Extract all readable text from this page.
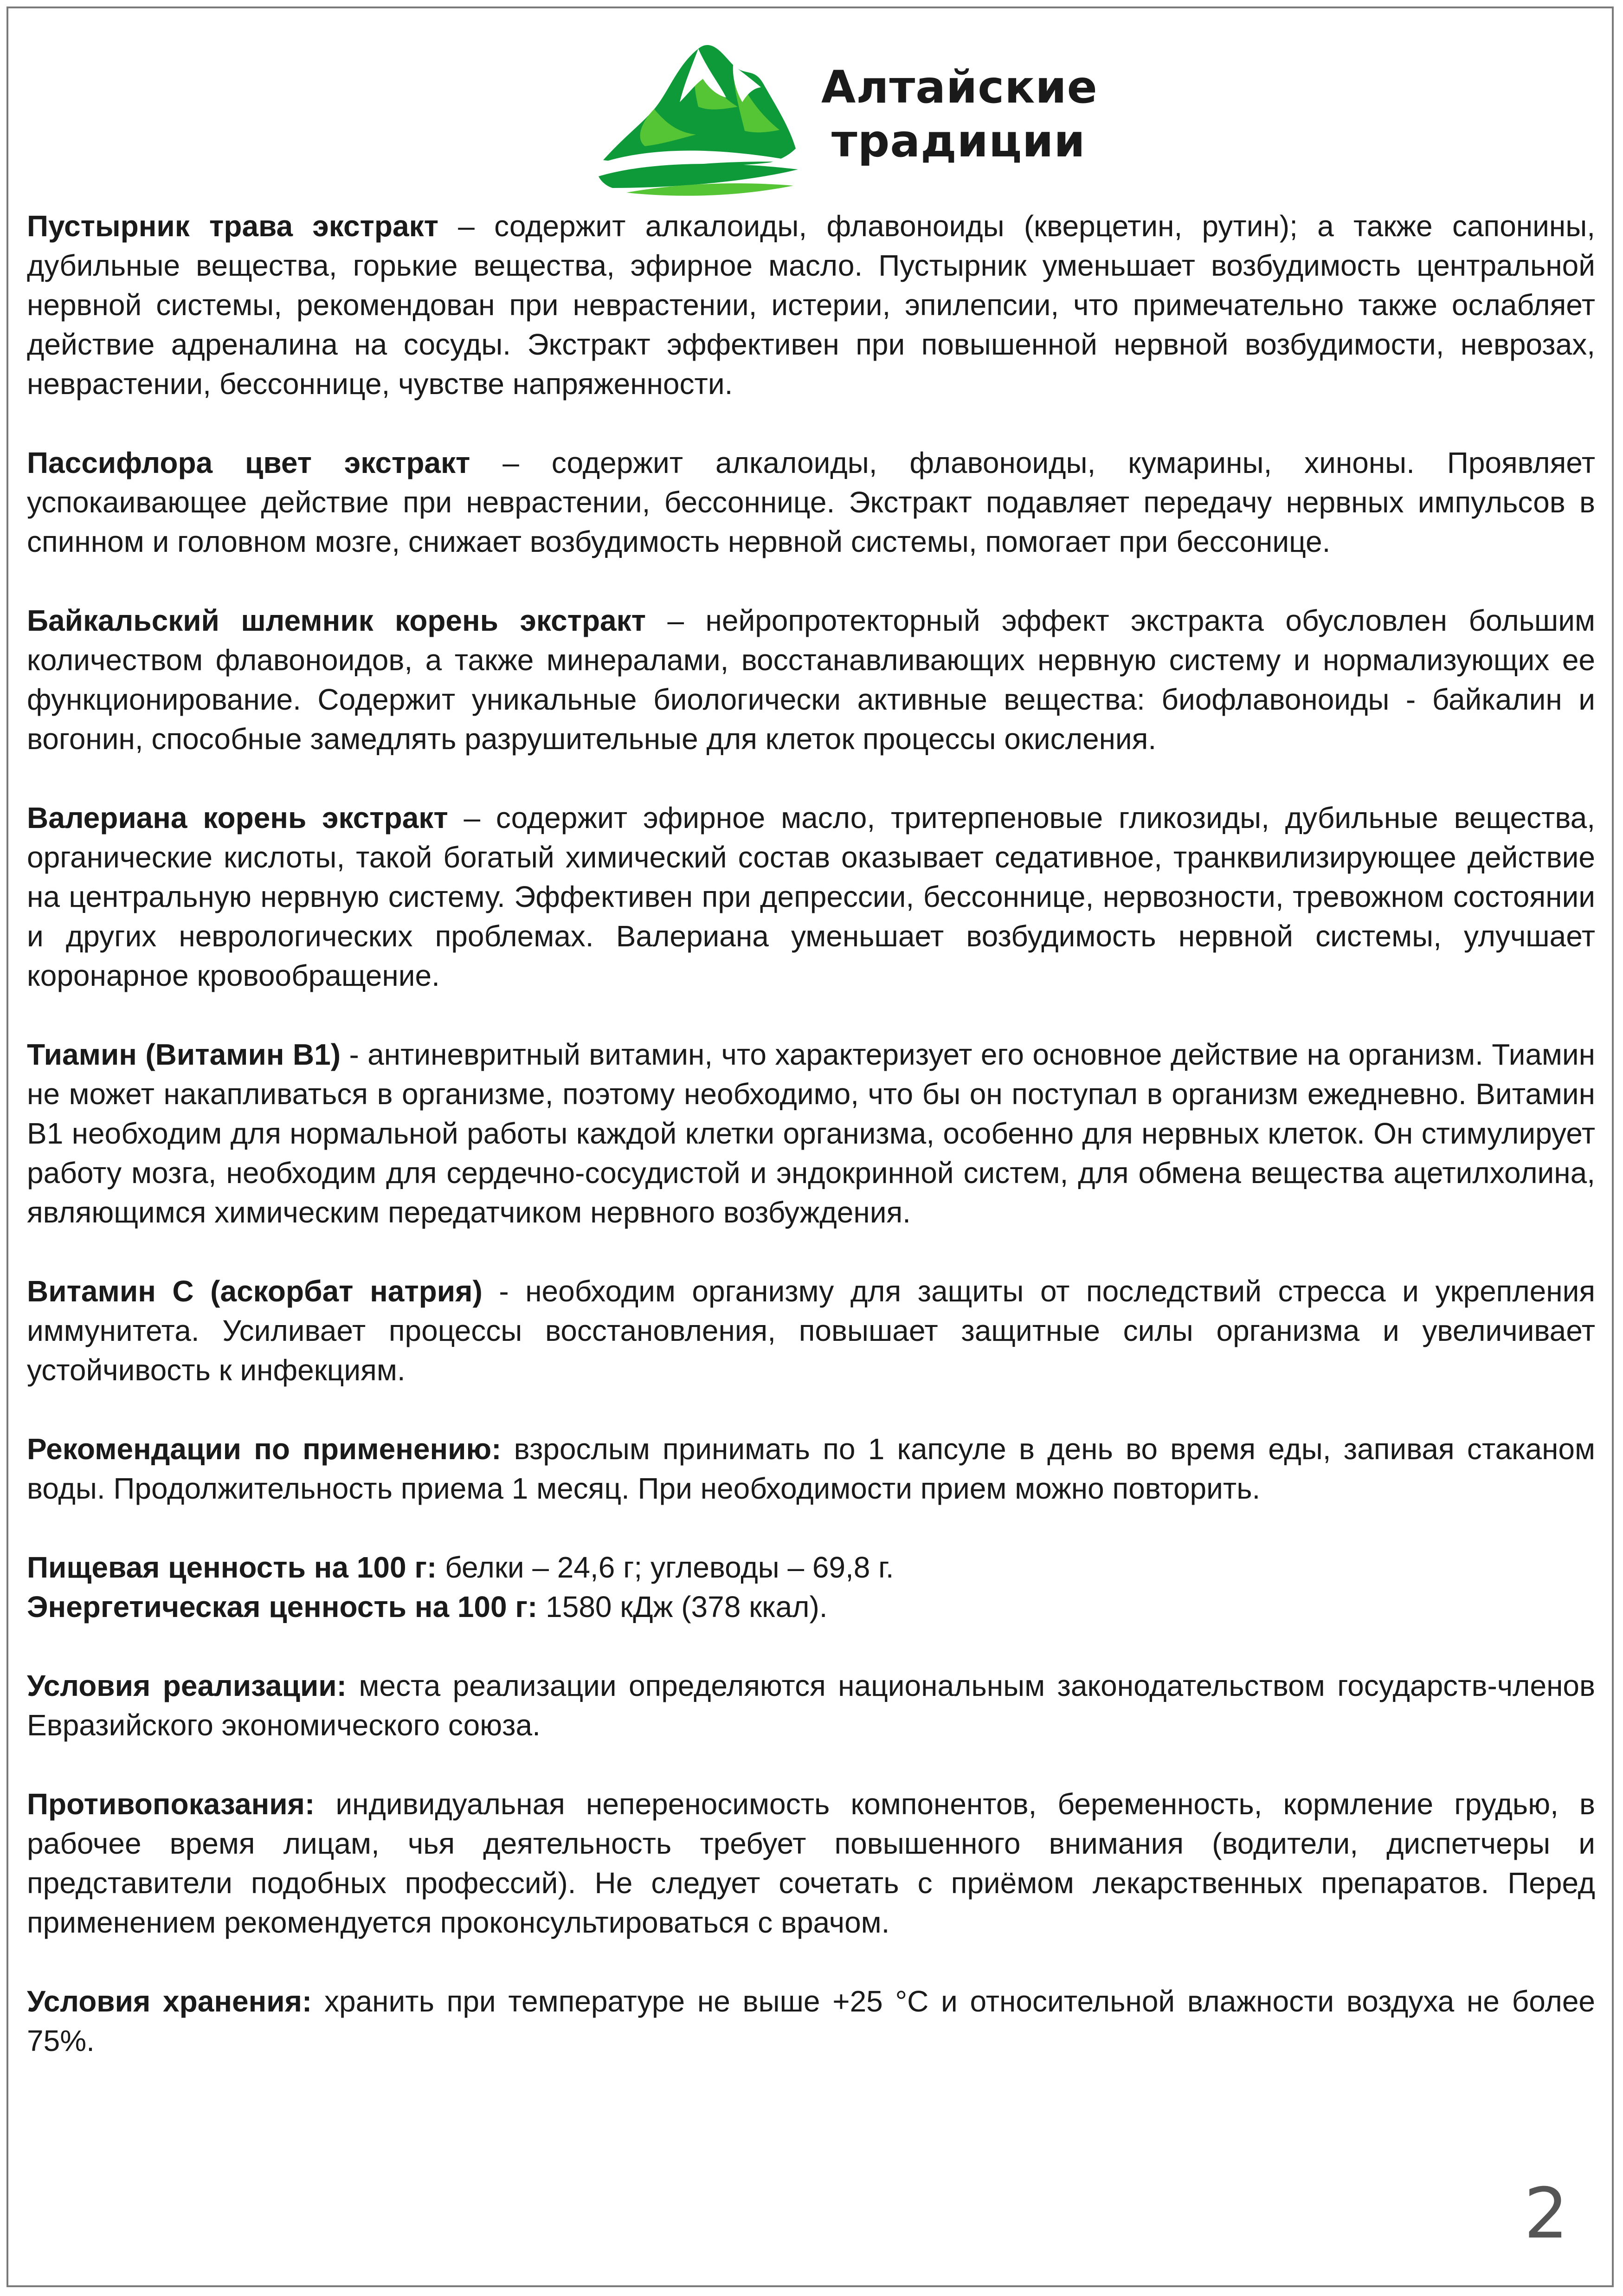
Алтайские
традиции

Пустырник трава экстракт – содержит алкалоиды, флавоноиды (кверцетин, рутин); а также сапонины, дубильные вещества, горькие вещества, эфирное масло. Пустырник уменьшает возбудимость центральной нервной системы, рекомендован при неврастении, истерии, эпилепсии, что примечательно также ослабляет действие адреналина на сосуды. Экстракт эффективен при повышенной нервной возбудимости, неврозах, неврастении, бессоннице, чувстве напряженности.

Пассифлора цвет экстракт – содержит алкалоиды, флавоноиды, кумарины, хиноны. Проявляет успокаивающее действие при неврастении, бессоннице. Экстракт подавляет передачу нервных импульсов в спинном и головном мозге, снижает возбудимость нервной системы, помогает при бессонице.

Байкальский шлемник корень экстракт – нейропротекторный эффект экстракта обусловлен большим количеством флавоноидов, а также минералами, восстанавливающих нервную систему и нормализующих ее функционирование. Содержит уникальные биологически активные вещества: биофлавоноиды - байкалин и вогонин, способные замедлять разрушительные для клеток процессы окисления.

Валериана корень экстракт – содержит эфирное масло, тритерпеновые гликозиды, дубильные вещества, органические кислоты, такой богатый химический состав оказывает седативное, транквилизирующее действие на центральную нервную систему. Эффективен при депрессии, бессоннице, нервозности, тревожном состоянии и других неврологических проблемах. Валериана уменьшает возбудимость нервной системы, улучшает коронарное кровообращение.

Тиамин (Витамин В1) - антиневритный витамин, что характеризует его основное действие на организм. Тиамин не может накапливаться в организме, поэтому необходимо, что бы он поступал в организм ежедневно. Витамин В1 необходим для нормальной работы каждой клетки организма, особенно для нервных клеток. Он стимулирует работу мозга, необходим для сердечно-сосудистой и эндокринной систем, для обмена вещества ацетилхолина, являющимся химическим передатчиком нервного возбуждения.

Витамин С (аскорбат натрия) - необходим организму для защиты от последствий стресса и укрепления иммунитета. Усиливает процессы восстановления, повышает защитные силы организма и увеличивает устойчивость к инфекциям.

Рекомендации по применению: взрослым принимать по 1 капсуле в день во время еды, запивая стаканом воды. Продолжительность приема 1 месяц. При необходимости прием можно повторить.

Пищевая ценность на 100 г: белки – 24,6 г; углеводы – 69,8 г.

Энергетическая ценность на 100 г: 1580 кДж (378 ккал).

Условия реализации: места реализации определяются национальным законодательством государств-членов Евразийского экономического союза.

Противопоказания: индивидуальная непереносимость компонентов, беременность, кормление грудью, в рабочее время лицам, чья деятельность требует повышенного внимания (водители, диспетчеры и представители подобных профессий). Не следует сочетать с приёмом лекарственных препаратов. Перед применением рекомендуется проконсультироваться с врачом.

Условия хранения: хранить при температуре не выше +25 °С и относительной влажности воздуха не более 75%.

2
